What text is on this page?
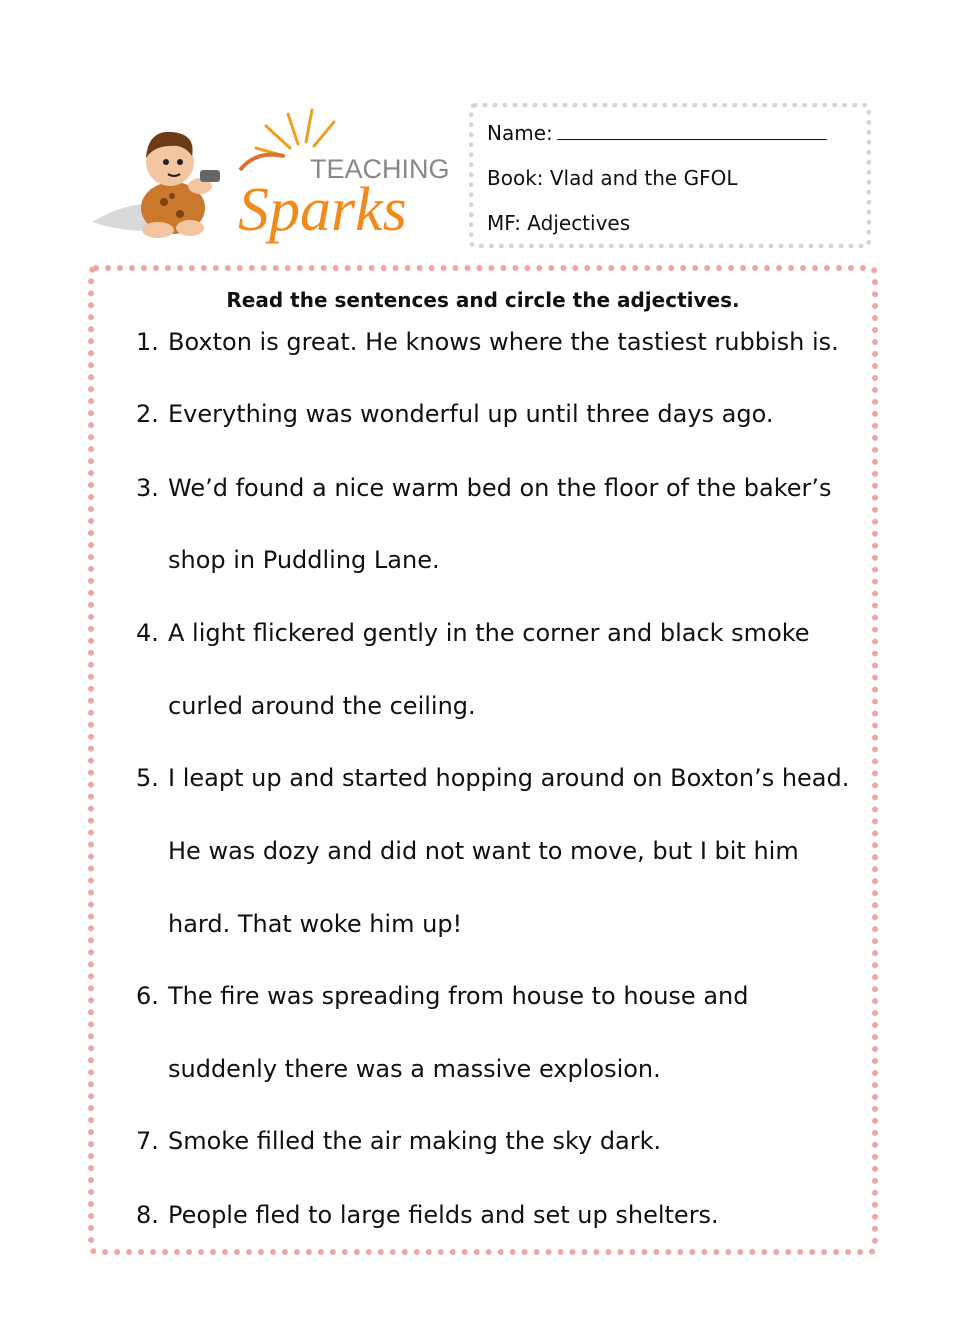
TEACHING
Sparks
Name:
Book: Vlad and the GFOL
MF: Adjectives
Read the sentences and circle the adjectives.
1. Boxton is great. He knows where the tastiest rubbish is.
2. Everything was wonderful up until three days ago.
3. We’d found a nice warm bed on the floor of the baker’s
shop in Puddling Lane.
4. A light flickered gently in the corner and black smoke
curled around the ceiling.
5. I leapt up and started hopping around on Boxton’s head.
He was dozy and did not want to move, but I bit him
hard. That woke him up!
6. The fire was spreading from house to house and
suddenly there was a massive explosion.
7. Smoke filled the air making the sky dark.
8. People fled to large fields and set up shelters.
